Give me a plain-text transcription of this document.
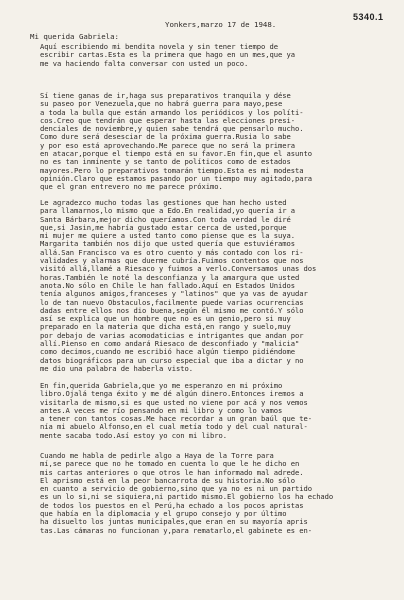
5340.1
Yonkers,marzo 17 de 1948.
Mi querida Gabriela:
Aquí escribiendo mi bendita novela y sin tener tiempo de
escribir cartas.Esta es la primera que hago en un mes,que ya
me va haciendo falta conversar con usted un poco.
Sí tiene ganas de ir,haga sus preparativos tranquila y dése
su paseo por Venezuela,que no habrá guerra para mayo,pese
a toda la bulla que están armando los periódicos y los políti-
cos.Creo que tendrán que esperar hasta las elecciones presi-
denciales de noviembre,y quien sabe tendrá que pensarlo mucho.
Como dure será desesciar de la próxima guerra.Rusia lo sabe
y por eso está aprovechando.Me parece que no será la primera
en atacar,porque el tiempo está en su favor.En fin,que el asunto
no es tan inminente y se tanto de políticos como de estados
mayores.Pero lo preparativos tomarán tiempo.Esta es mi modesta
opinión.Claro que estamos pasando por un tiempo muy agitado,para
que el gran entrevero no me parece próximo.
Le agradezco mucho todas las gestiones que han hecho usted
para llamarnos,lo mismo que a Edo.En realidad,yo quería ir a
Santa Bárbara,mejor dicho queríamos.Con toda verdad le diré
que,si Jasin,me habría gustado estar cerca de usted,porque
mi mujer me quiere a usted tanto como piense que es la suya.
Margarita también nos dijo que usted quería que estuviéramos
allá.San Francisco va es otro cuento y más contado con los ri-
validades y alarmas que duerme cubría.Fuimos contentos que nos
visitó allá,llamé a Riesaco y fuimos a verlo.Conversamos unas dos
horas.También le noté la desconfianza y la amargura que usted
anota.No sólo en Chile le han fallado.Aquí en Estados Unidos
tenía algunos amigos,franceses y "latinos" que ya vas de ayudar
lo de tan nuevo Obstaculos,facilmente puede varias ocurrencias
dadas entre ellos nos dio buena,según él mismo me contó.Y sólo
así se explica que un hombre que no es un genio,pero si muy
preparado en la materia que dicha está,en rango y suelo,muy
por debajo de varias acomodaticias e intrigantes que andan por
allí.Pienso en como andará Riesaco de desconfiado y "malicia"
como decimos,cuando me escribió hace algún tiempo pidiéndome
datos biográficos para un curso especial que iba a dictar y no
me dio una palabra de haberla visto.
En fin,querida Gabriela,que yo me esperanzo en mi próximo
libro.Ojalá tenga éxito y me dé algún dinero.Entonces iremos a
visitarla de mismo,si es que usted no viene por acá y nos vemos
antes.A veces me río pensando en mi libro y como lo vamos
a tener con tantos cosas.Me hace recordar a un gran baúl que te-
nía mi abuelo Alfonso,en el cual metía todo y del cual natural-
mente sacaba todo.Así estoy yo con mi libro.
Cuando me habla de pedirle algo a Haya de la Torre para
mí,se parece que no he tomado en cuenta lo que le he dicho en
mis cartas anteriores o que otros le han informado mal adrede.
El aprismo está en la peor bancarrota de su historia.No sólo
en cuanto a servicio de gobierno,sino que ya no es ni un partido
es un lo si,ni se siquiera,ni partido mismo.El gobierno los ha echado
de todos los puestos en el Perú,ha echado a los pocos apristas
que había en la diplomacia y el grupo consejo y por último
ha disuelto los juntas municipales,que eran en su mayoría apris
tas.Las cámaras no funcionan y,para rematarlo,el gabinete es en-
